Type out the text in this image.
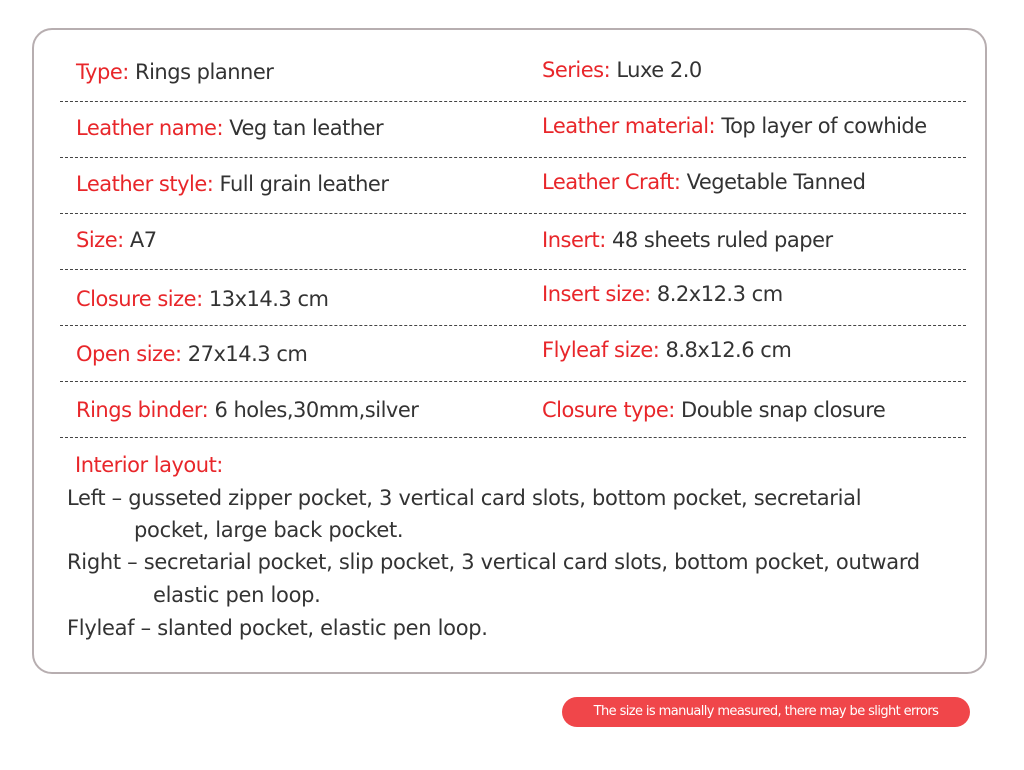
Type: Rings planner	Series: Luxe 2.0
Leather name: Veg tan leather	Leather material: Top layer of cowhide
Leather style: Full grain leather	Leather Craft: Vegetable Tanned
Size: A7	Insert: 48 sheets ruled paper
Closure size: 13x14.3 cm	Insert size: 8.2x12.3 cm
Open size: 27x14.3 cm	Flyleaf size: 8.8x12.6 cm
Rings binder: 6 holes,30mm,silver	Closure type: Double snap closure
Interior layout:
Left – gusseted zipper pocket, 3 vertical card slots, bottom pocket, secretarial
pocket, large back pocket.
Right – secretarial pocket, slip pocket, 3 vertical card slots, bottom pocket, outward
elastic pen loop.
Flyleaf – slanted pocket, elastic pen loop.
The size is manually measured, there may be slight errors
